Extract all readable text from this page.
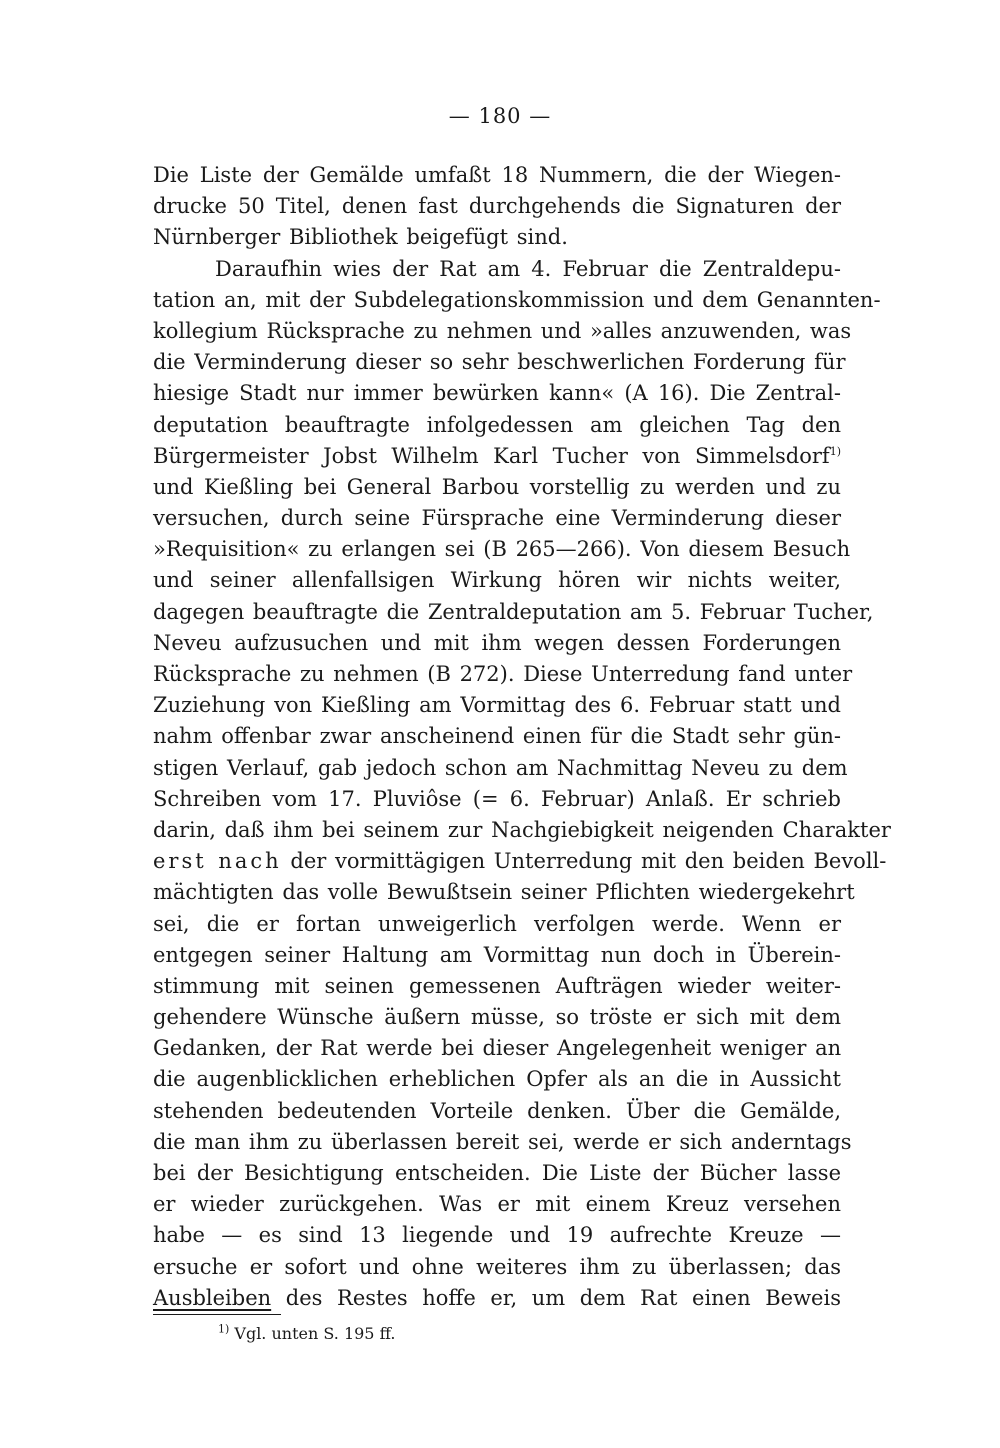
— 180 —
Die Liste der Gemälde umfaßt 18 Nummern, die der Wiegen-
drucke 50 Titel, denen fast durchgehends die Signaturen der
Nürnberger Bibliothek beigefügt sind.
Daraufhin wies der Rat am 4. Februar die Zentraldepu-
tation an, mit der Subdelegationskommission und dem Genannten-
kollegium Rücksprache zu nehmen und »alles anzuwenden, was
die Verminderung dieser so sehr beschwerlichen Forderung für
hiesige Stadt nur immer bewürken kann« (A 16). Die Zentral-
deputation beauftragte infolgedessen am gleichen Tag den
Bürgermeister Jobst Wilhelm Karl Tucher von Simmelsdorf$^{1)}$
und Kießling bei General Barbou vorstellig zu werden und zu
versuchen, durch seine Fürsprache eine Verminderung dieser
»Requisition« zu erlangen sei (B 265—266). Von diesem Besuch
und seiner allenfallsigen Wirkung hören wir nichts weiter,
dagegen beauftragte die Zentraldeputation am 5. Februar Tucher,
Neveu aufzusuchen und mit ihm wegen dessen Forderungen
Rücksprache zu nehmen (B 272). Diese Unterredung fand unter
Zuziehung von Kießling am Vormittag des 6. Februar statt und
nahm offenbar zwar anscheinend einen für die Stadt sehr gün-
stigen Verlauf, gab jedoch schon am Nachmittag Neveu zu dem
Schreiben vom 17. Pluviôse (= 6. Februar) Anlaß. Er schrieb
darin, daß ihm bei seinem zur Nachgiebigkeit neigenden Charakter
erst nach der vormittägigen Unterredung mit den beiden Bevoll-
mächtigten das volle Bewußtsein seiner Pflichten wiedergekehrt
sei, die er fortan unweigerlich verfolgen werde. Wenn er
entgegen seiner Haltung am Vormittag nun doch in Überein-
stimmung mit seinen gemessenen Aufträgen wieder weiter-
gehendere Wünsche äußern müsse, so tröste er sich mit dem
Gedanken, der Rat werde bei dieser Angelegenheit weniger an
die augenblicklichen erheblichen Opfer als an die in Aussicht
stehenden bedeutenden Vorteile denken. Über die Gemälde,
die man ihm zu überlassen bereit sei, werde er sich anderntags
bei der Besichtigung entscheiden. Die Liste der Bücher lasse
er wieder zurückgehen. Was er mit einem Kreuz versehen
habe — es sind 13 liegende und 19 aufrechte Kreuze —
ersuche er sofort und ohne weiteres ihm zu überlassen; das
Ausbleiben des Restes hoffe er, um dem Rat einen Beweis
$^{1)}$ Vgl. unten S. 195 ff.
